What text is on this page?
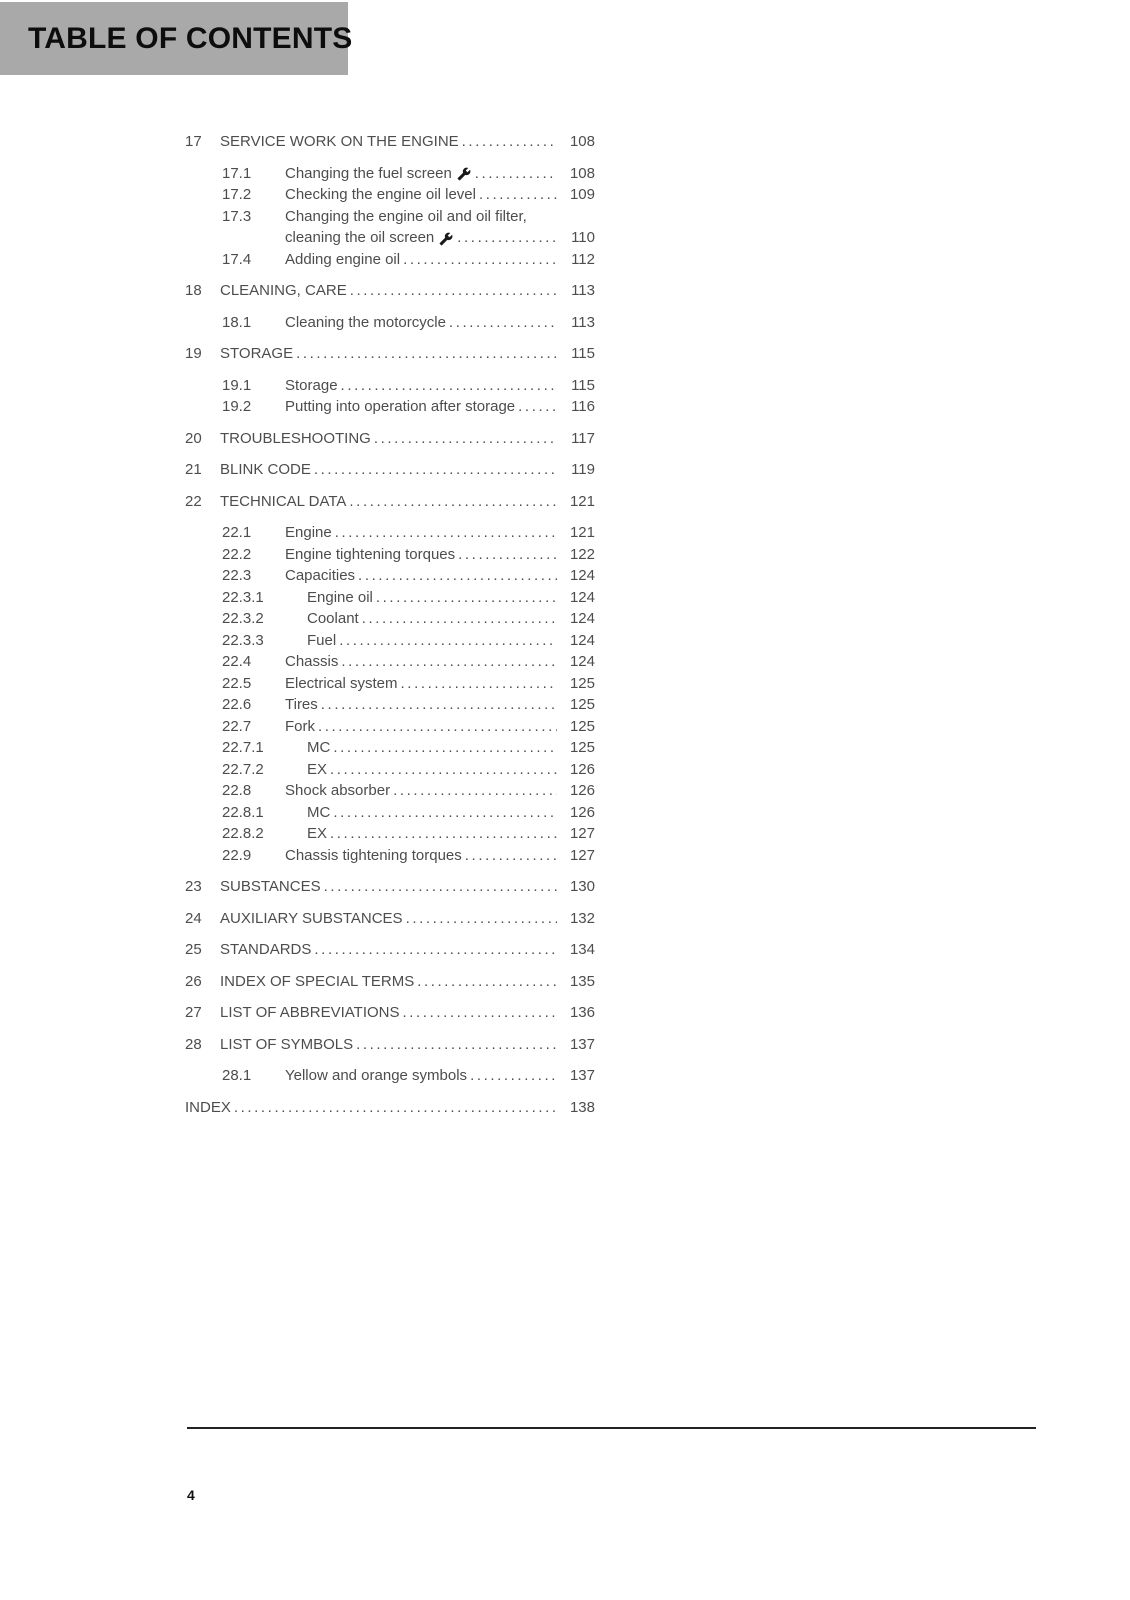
TABLE OF CONTENTS
17	SERVICE WORK ON THE ENGINE .....	108
17.1	Changing the fuel screen .....	108
17.2	Checking the engine oil level .....	109
17.3	Changing the engine oil and oil filter,
cleaning the oil screen .....	110
17.4	Adding engine oil .....	112
18	CLEANING, CARE .....	113
18.1	Cleaning the motorcycle .....	113
19	STORAGE .....	115
19.1	Storage .....	115
19.2	Putting into operation after storage .....	116
20	TROUBLESHOOTING .....	117
21	BLINK CODE .....	119
22	TECHNICAL DATA .....	121
22.1	Engine .....	121
22.2	Engine tightening torques .....	122
22.3	Capacities .....	124
22.3.1	Engine oil .....	124
22.3.2	Coolant .....	124
22.3.3	Fuel .....	124
22.4	Chassis .....	124
22.5	Electrical system .....	125
22.6	Tires .....	125
22.7	Fork .....	125
22.7.1	MC .....	125
22.7.2	EX .....	126
22.8	Shock absorber .....	126
22.8.1	MC .....	126
22.8.2	EX .....	127
22.9	Chassis tightening torques .....	127
23	SUBSTANCES .....	130
24	AUXILIARY SUBSTANCES .....	132
25	STANDARDS .....	134
26	INDEX OF SPECIAL TERMS .....	135
27	LIST OF ABBREVIATIONS .....	136
28	LIST OF SYMBOLS .....	137
28.1	Yellow and orange symbols .....	137
INDEX .....	138
4
